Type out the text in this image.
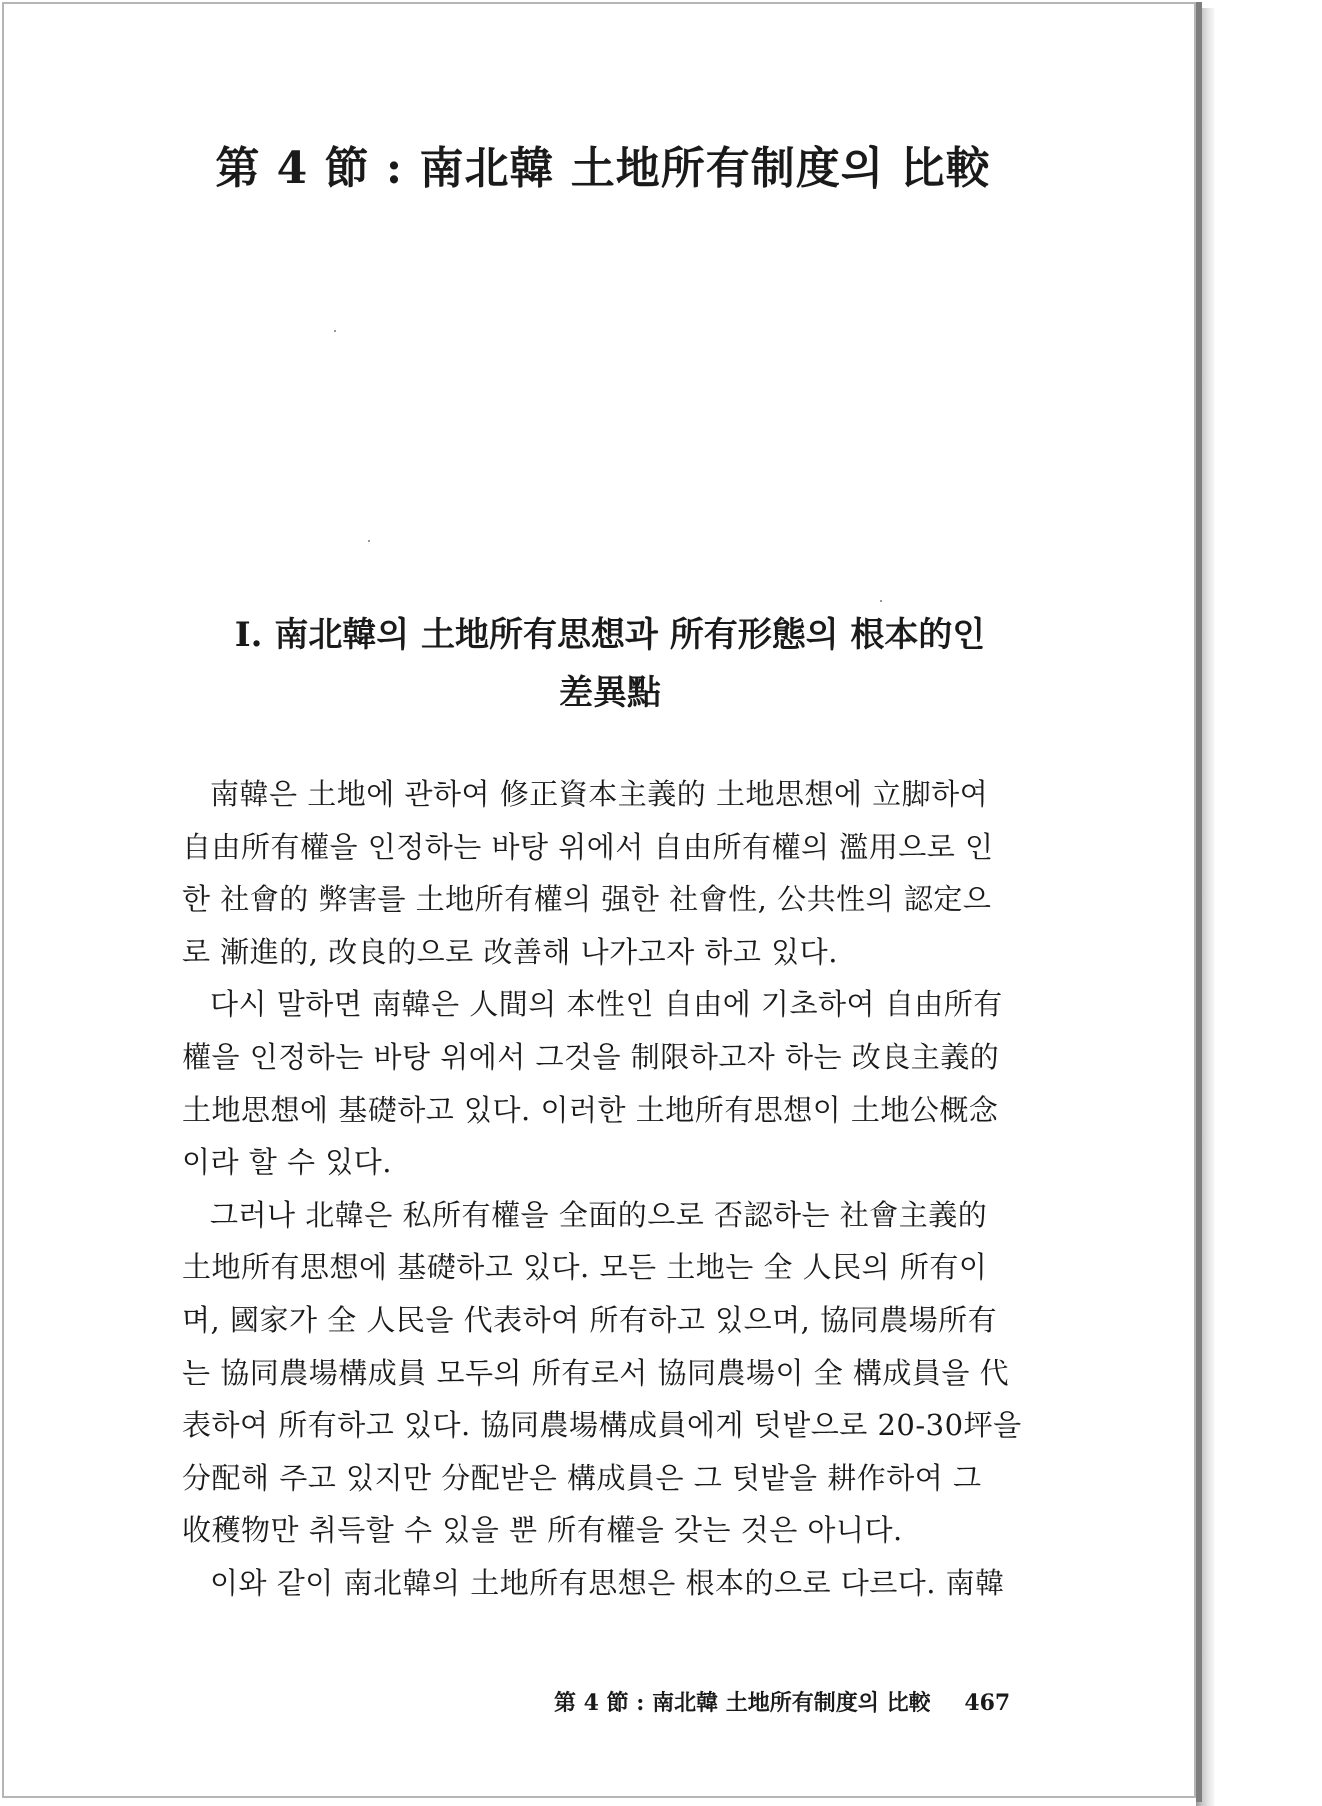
第 4 節 : 南北韓 土地所有制度의 比較
Ⅰ. 南北韓의 土地所有思想과 所有形態의 根本的인
差異點
南韓은 土地에 관하여 修正資本主義的 土地思想에 立脚하여
自由所有權을 인정하는 바탕 위에서 自由所有權의 濫用으로 인
한 社會的 弊害를 土地所有權의 强한 社會性, 公共性의 認定으
로 漸進的, 改良的으로 改善해 나가고자 하고 있다.
다시 말하면 南韓은 人間의 本性인 自由에 기초하여 自由所有
權을 인정하는 바탕 위에서 그것을 制限하고자 하는 改良主義的
土地思想에 基礎하고 있다. 이러한 土地所有思想이 土地公概念
이라 할 수 있다.
그러나 北韓은 私所有權을 全面的으로 否認하는 社會主義的
土地所有思想에 基礎하고 있다. 모든 土地는 全 人民의 所有이
며, 國家가 全 人民을 代表하여 所有하고 있으며, 協同農場所有
는 協同農場構成員 모두의 所有로서 協同農場이 全 構成員을 代
表하여 所有하고 있다. 協同農場構成員에게 텃밭으로 20-30坪을
分配해 주고 있지만 分配받은 構成員은 그 텃밭을 耕作하여 그
收穫物만 취득할 수 있을 뿐 所有權을 갖는 것은 아니다.
이와 같이 南北韓의 土地所有思想은 根本的으로 다르다. 南韓
第 4 節 : 南北韓 土地所有制度의 比較 467
